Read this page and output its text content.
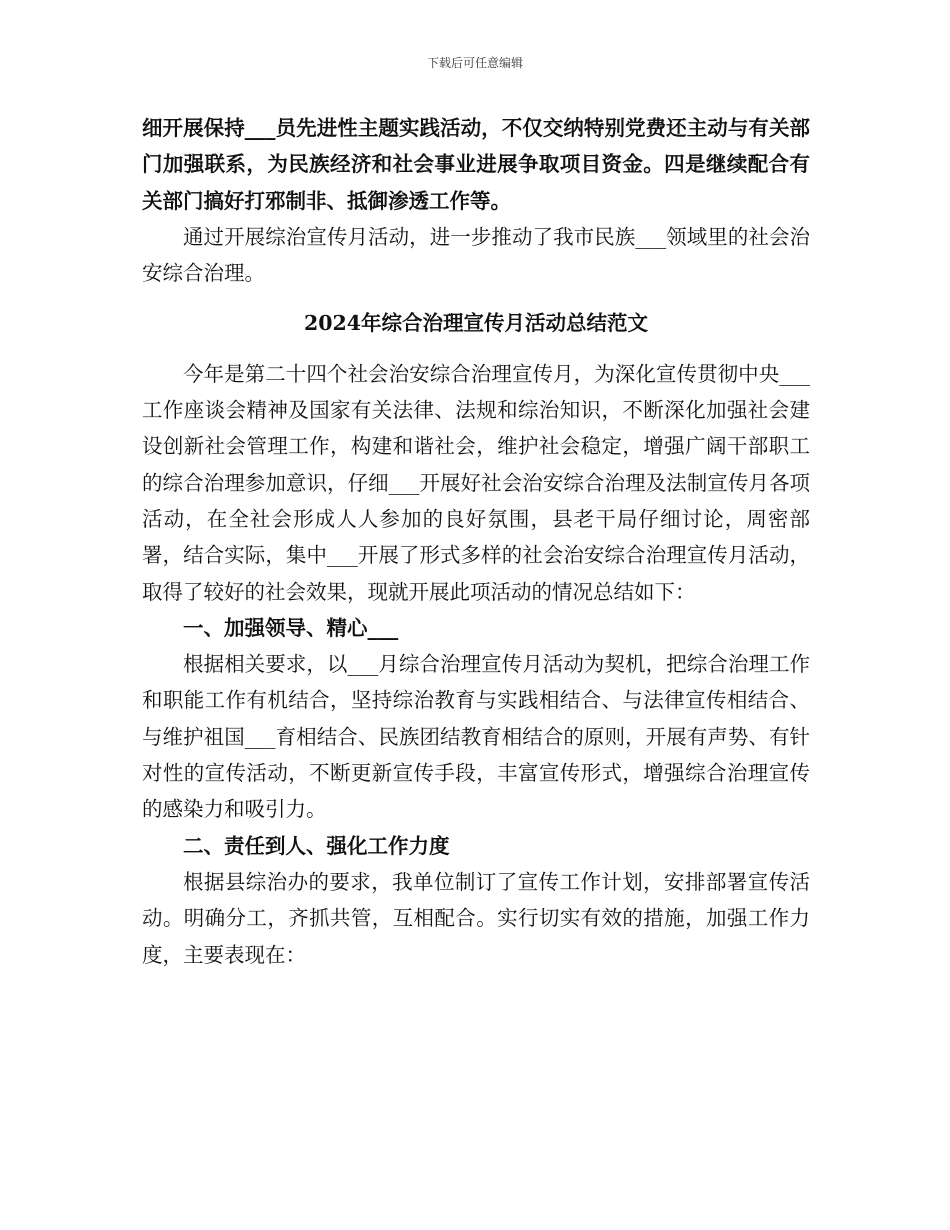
下载后可任意编辑

细开展保持___员先进性主题实践活动，不仅交纳特别党费还主动与有关部门加强联系，为民族经济和社会事业进展争取项目资金。四是继续配合有关部门搞好打邪制非、抵御渗透工作等。

通过开展综治宣传月活动，进一步推动了我市民族___领域里的社会治安综合治理。

2024年综合治理宣传月活动总结范文

今年是第二十四个社会治安综合治理宣传月，为深化宣传贯彻中央___工作座谈会精神及国家有关法律、法规和综治知识，不断深化加强社会建设创新社会管理工作，构建和谐社会，维护社会稳定，增强广阔干部职工的综合治理参加意识，仔细___开展好社会治安综合治理及法制宣传月各项活动，在全社会形成人人参加的良好氛围，县老干局仔细讨论，周密部署，结合实际，集中___开展了形式多样的社会治安综合治理宣传月活动，取得了较好的社会效果，现就开展此项活动的情况总结如下：

一、加强领导、精心___

根据相关要求，以___月综合治理宣传月活动为契机，把综合治理工作和职能工作有机结合，坚持综治教育与实践相结合、与法律宣传相结合、与维护祖国___育相结合、民族团结教育相结合的原则，开展有声势、有针对性的宣传活动，不断更新宣传手段，丰富宣传形式，增强综合治理宣传的感染力和吸引力。

二、责任到人、强化工作力度

根据县综治办的要求，我单位制订了宣传工作计划，安排部署宣传活动。明确分工，齐抓共管，互相配合。实行切实有效的措施，加强工作力度，主要表现在：
